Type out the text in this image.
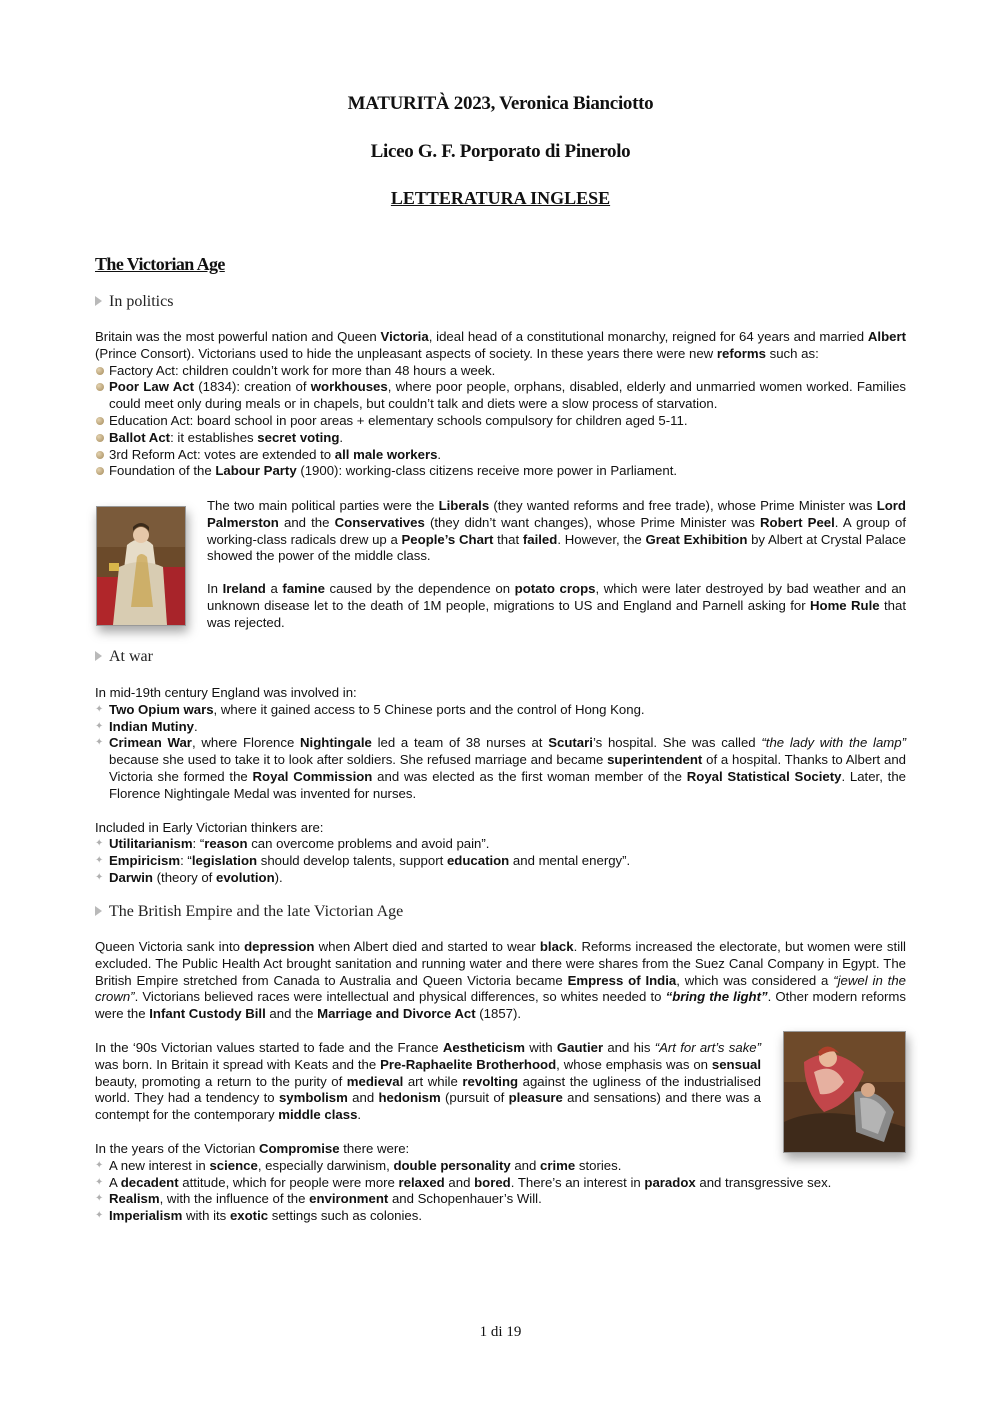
MATURITÀ 2023, Veronica Bianciotto
Liceo G. F. Porporato di Pinerolo
LETTERATURA INGLESE
The Victorian Age
In politics

Britain was the most powerful nation and Queen Victoria, ideal head of a constitutional monarchy, reigned for 64 years and married Albert (Prince Consort). Victorians used to hide the unpleasant aspects of society. In these years there were new reforms such as:

Factory Act: children couldn’t work for more than 48 hours a week.
Poor Law Act (1834): creation of workhouses, where poor people, orphans, disabled, elderly and unmarried women worked. Families could meet only during meals or in chapels, but couldn’t talk and diets were a slow process of starvation.
Education Act: board school in poor areas + elementary schools compulsory for children aged 5-11.
Ballot Act: it establishes secret voting.
3rd Reform Act: votes are extended to all male workers.
Foundation of the Labour Party (1900): working-class citizens receive more power in Parliament.

The two main political parties were the Liberals (they wanted reforms and free trade), whose Prime Minister was Lord Palmerston and the Conservatives (they didn’t want changes), whose Prime Minister was Robert Peel. A group of working-class radicals drew up a People’s Chart that failed. However, the Great Exhibition by Albert at Crystal Palace showed the power of the middle class.

In Ireland a famine caused by the dependence on potato crops, which were later destroyed by bad weather and an unknown disease let to the death of 1M people, migrations to US and England and Parnell asking for Home Rule that was rejected.

At war

In mid-19th century England was involved in:

✦ Two Opium wars, where it gained access to 5 Chinese ports and the control of Hong Kong.
✦ Indian Mutiny.
✦ Crimean War, where Florence Nightingale led a team of 38 nurses at Scutari’s hospital. She was called “the lady with the lamp” because she used to take it to look after soldiers. She refused marriage and became superintendent of a hospital. Thanks to Albert and Victoria she formed the Royal Commission and was elected as the first woman member of the Royal Statistical Society. Later, the Florence Nightingale Medal was invented for nurses.

Included in Early Victorian thinkers are:

✦ Utilitarianism: “reason can overcome problems and avoid pain”.
✦ Empiricism: “legislation should develop talents, support education and mental energy”.
✦ Darwin (theory of evolution).
The British Empire and the late Victorian Age

Queen Victoria sank into depression when Albert died and started to wear black. Reforms increased the electorate, but women were still excluded. The Public Health Act brought sanitation and running water and there were shares from the Suez Canal Company in Egypt. The British Empire stretched from Canada to Australia and Queen Victoria became Empress of India, which was considered a “jewel in the crown”. Victorians believed races were intellectual and physical differences, so whites needed to “bring the light”. Other modern reforms were the Infant Custody Bill and the Marriage and Divorce Act (1857).

In the ‘90s Victorian values started to fade and the France Aestheticism with Gautier and his “Art for art’s sake” was born. In Britain it spread with Keats and the Pre-Raphaelite Brotherhood, whose emphasis was on sensual beauty, promoting a return to the purity of medieval art while revolting against the ugliness of the industrialised world. They had a tendency to symbolism and hedonism (pursuit of pleasure and sensations) and there was a contempt for the contemporary middle class.

In the years of the Victorian Compromise there were:

✦ A new interest in science, especially darwinism, double personality and crime stories.
✦ A decadent attitude, which for people were more relaxed and bored. There’s an interest in paradox and transgressive sex.
✦ Realism, with the influence of the environment and Schopenhauer’s Will.
✦ Imperialism with its exotic settings such as colonies.
1 di 19
